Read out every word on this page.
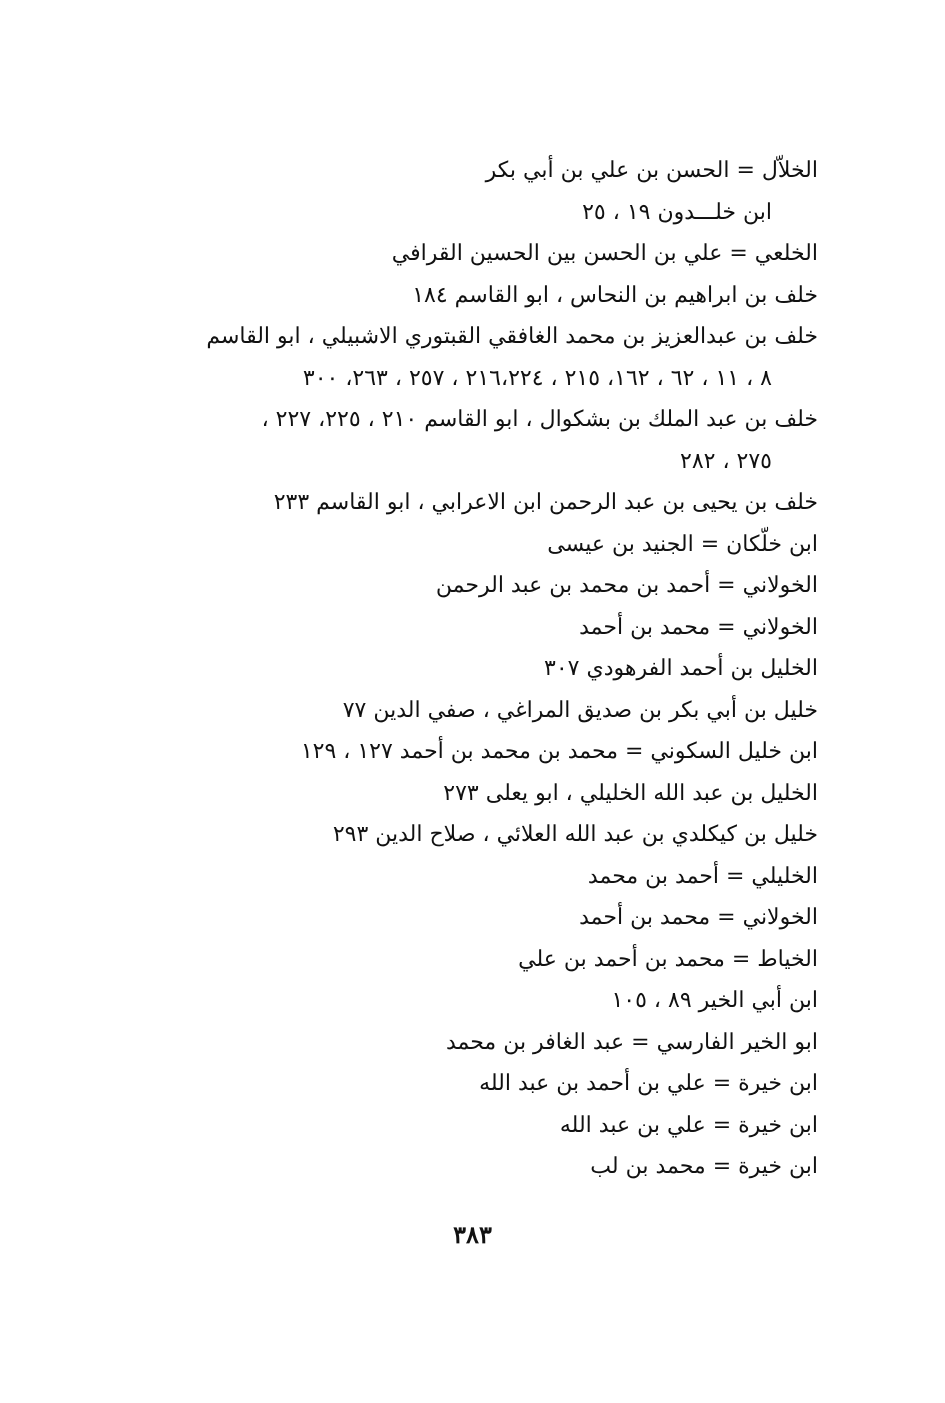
الخلاّل = الحسن بن علي بن أبي بكر
ابن خلـــدون ١٩ ، ٢٥
الخلعي = علي بن الحسن بين الحسين القرافي
خلف بن ابراهيم بن النحاس ، ابو القاسم ١٨٤
خلف بن عبدالعزيز بن محمد الغافقي القبتوري الاشبيلي ، ابو القاسم
٨ ، ١١ ، ٦٢ ، ١٦٢، ٢١٥ ، ٢١٦،٢٢٤ ، ٢٥٧ ، ٢٦٣، ٣٠٠
خلف بن عبد الملك بن بشكوال ، ابو القاسم ٢١٠ ، ٢٢٥، ٢٢٧ ،
٢٧٥ ، ٢٨٢
خلف بن يحيى بن عبد الرحمن ابن الاعرابي ، ابو القاسم ٢٣٣
ابن خلّكان = الجنيد بن عيسى
الخولاني = أحمد بن محمد بن عبد الرحمن
الخولاني = محمد بن أحمد
الخليل بن أحمد الفرهودي ٣٠٧
خليل بن أبي بكر بن صديق المراغي ، صفي الدين ٧٧
ابن خليل السكوني = محمد بن محمد بن أحمد ١٢٧ ، ١٢٩
الخليل بن عبد الله الخليلي ، ابو يعلى ٢٧٣
خليل بن كيكلدي بن عبد الله العلائي ، صلاح الدين ٢٩٣
الخليلي = أحمد بن محمد
الخولاني = محمد بن أحمد
الخياط = محمد بن أحمد بن علي
ابن أبي الخير ٨٩ ، ١٠٥
ابو الخير الفارسي = عبد الغافر بن محمد
ابن خيرة = علي بن أحمد بن عبد الله
ابن خيرة = علي بن عبد الله
ابن خيرة = محمد بن لب
٣٨٣
